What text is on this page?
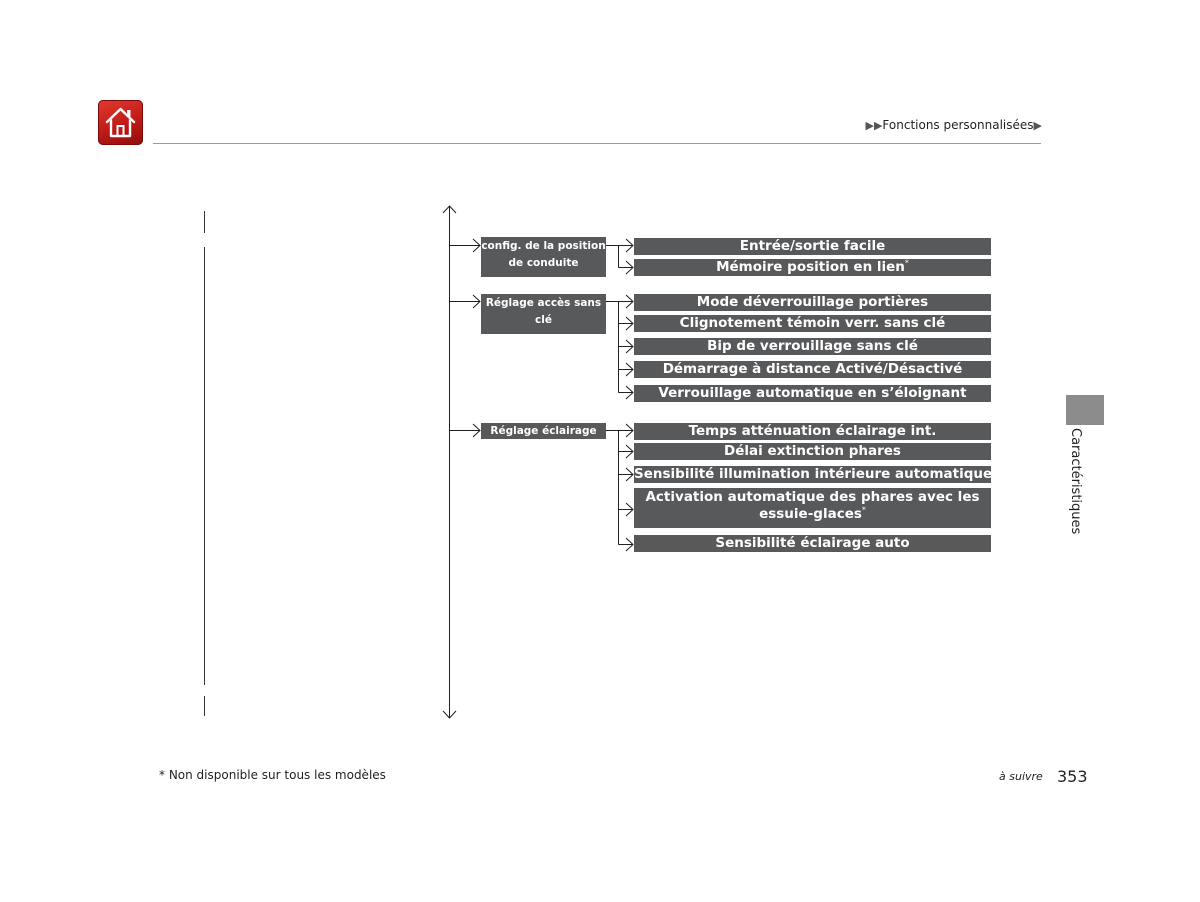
▶▶Fonctions personnalisées▶
config. de la position de conduite
Réglage accès sans clé
Réglage éclairage
Entrée/sortie facile
Mémoire position en lien*
Mode déverrouillage portières
Clignotement témoin verr. sans clé
Bip de verrouillage sans clé
Démarrage à distance Activé/Désactivé
Verrouillage automatique en s’éloignant
Temps atténuation éclairage int.
Délai extinction phares
Sensibilité illumination intérieure automatique*
Activation automatique des phares avec les essuie-glaces*
Sensibilité éclairage auto
Caractéristiques
* Non disponible sur tous les modèles	à suivre 353
